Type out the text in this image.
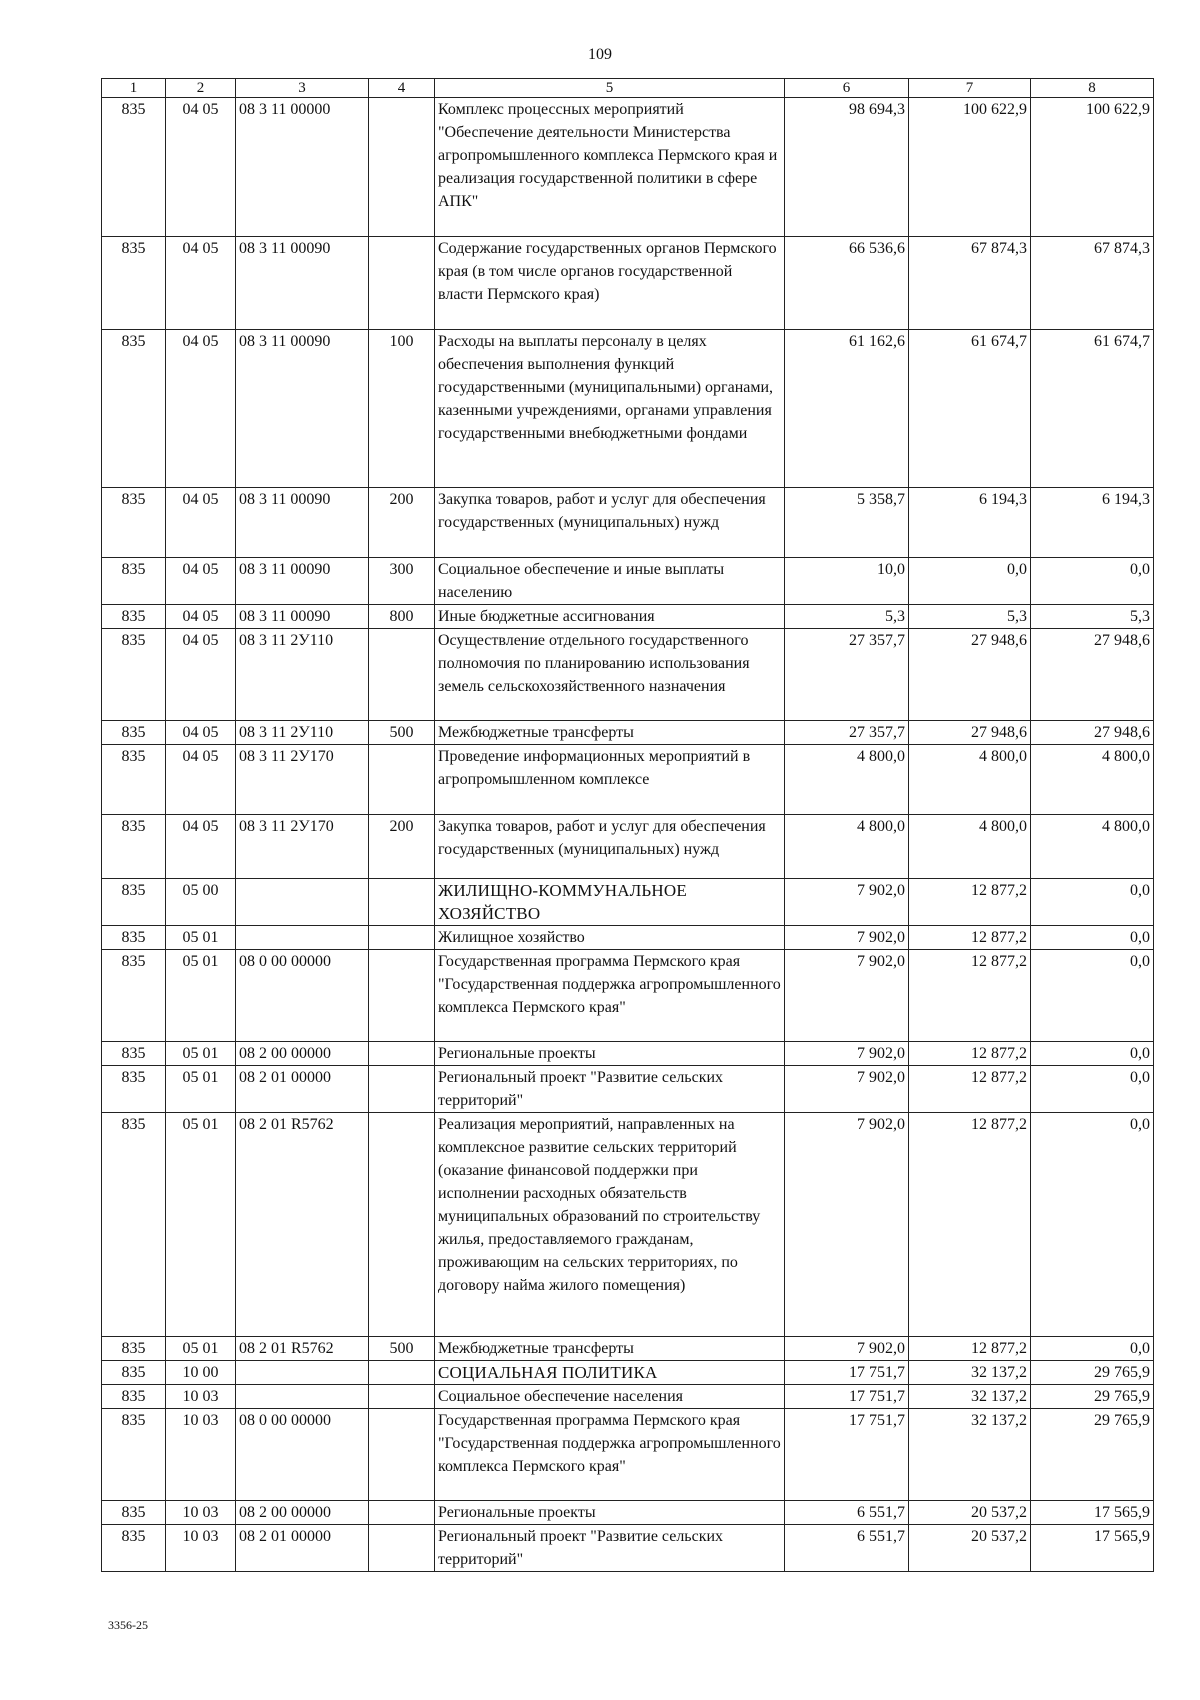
109
1	2	3	4	5	6	7	8
835	04 05	08 3 11 00000		Комплекс процессных мероприятий "Обеспечение деятельности Министерства агропромышленного комплекса Пермского края и реализация государственной политики в сфере АПК"	98 694,3	100 622,9	100 622,9
835	04 05	08 3 11 00090		Содержание государственных органов Пермского края (в том числе органов государственной власти Пермского края)	66 536,6	67 874,3	67 874,3
835	04 05	08 3 11 00090	100	Расходы на выплаты персоналу в целях обеспечения выполнения функций государственными (муниципальными) органами, казенными учреждениями, органами управления государственными внебюджетными фондами	61 162,6	61 674,7	61 674,7
835	04 05	08 3 11 00090	200	Закупка товаров, работ и услуг для обеспечения государственных (муниципальных) нужд	5 358,7	6 194,3	6 194,3
835	04 05	08 3 11 00090	300	Социальное обеспечение и иные выплаты населению	10,0	0,0	0,0
835	04 05	08 3 11 00090	800	Иные бюджетные ассигнования	5,3	5,3	5,3
835	04 05	08 3 11 2У110		Осуществление отдельного государственного полномочия по планированию использования земель сельскохозяйственного назначения	27 357,7	27 948,6	27 948,6
835	04 05	08 3 11 2У110	500	Межбюджетные трансферты	27 357,7	27 948,6	27 948,6
835	04 05	08 3 11 2У170		Проведение информационных мероприятий в агропромышленном комплексе	4 800,0	4 800,0	4 800,0
835	04 05	08 3 11 2У170	200	Закупка товаров, работ и услуг для обеспечения государственных (муниципальных) нужд	4 800,0	4 800,0	4 800,0
835	05 00			ЖИЛИЩНО-КОММУНАЛЬНОЕ ХОЗЯЙСТВО	7 902,0	12 877,2	0,0
835	05 01			Жилищное хозяйство	7 902,0	12 877,2	0,0
835	05 01	08 0 00 00000		Государственная программа Пермского края "Государственная поддержка агропромышленного комплекса Пермского края"	7 902,0	12 877,2	0,0
835	05 01	08 2 00 00000		Региональные проекты	7 902,0	12 877,2	0,0
835	05 01	08 2 01 00000		Региональный проект "Развитие сельских территорий"	7 902,0	12 877,2	0,0
835	05 01	08 2 01 R5762		Реализация мероприятий, направленных на комплексное развитие сельских территорий (оказание финансовой поддержки при исполнении расходных обязательств муниципальных образований по строительству жилья, предоставляемого гражданам, проживающим на сельских территориях, по договору найма жилого помещения)	7 902,0	12 877,2	0,0
835	05 01	08 2 01 R5762	500	Межбюджетные трансферты	7 902,0	12 877,2	0,0
835	10 00			СОЦИАЛЬНАЯ ПОЛИТИКА	17 751,7	32 137,2	29 765,9
835	10 03			Социальное обеспечение населения	17 751,7	32 137,2	29 765,9
835	10 03	08 0 00 00000		Государственная программа Пермского края "Государственная поддержка агропромышленного комплекса Пермского края"	17 751,7	32 137,2	29 765,9
835	10 03	08 2 00 00000		Региональные проекты	6 551,7	20 537,2	17 565,9
835	10 03	08 2 01 00000		Региональный проект "Развитие сельских территорий"	6 551,7	20 537,2	17 565,9
3356-25
